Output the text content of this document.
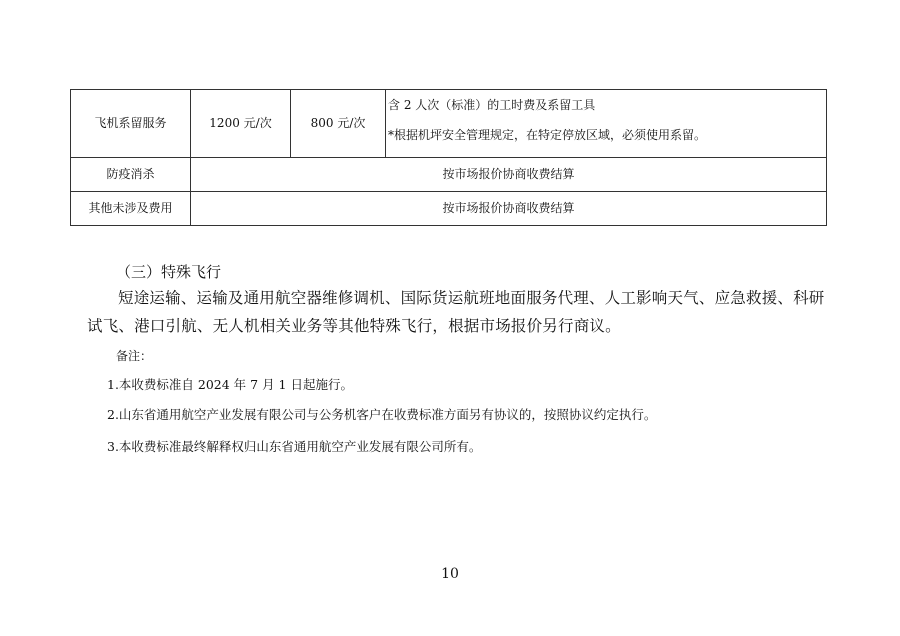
飞机系留服务	1200 元/次	800 元/次	含 2 人次（标准）的工时费及系留工具
*根据机坪安全管理规定，在特定停放区域，必须使用系留。

防疫消杀	按市场报价协商收费结算		
其他未涉及费用	按市场报价协商收费结算		
（三）特殊飞行

短途运输、运输及通用航空器维修调机、国际货运航班地面服务代理、人工影响天气、应急救援、科研试飞、港口引航、无人机相关业务等其他特殊飞行，根据市场报价另行商议。

备注：
1.本收费标准自 2024 年 7 月 1 日起施行。
2.山东省通用航空产业发展有限公司与公务机客户在收费标准方面另有协议的，按照协议约定执行。
3.本收费标准最终解释权归山东省通用航空产业发展有限公司所有。
10
